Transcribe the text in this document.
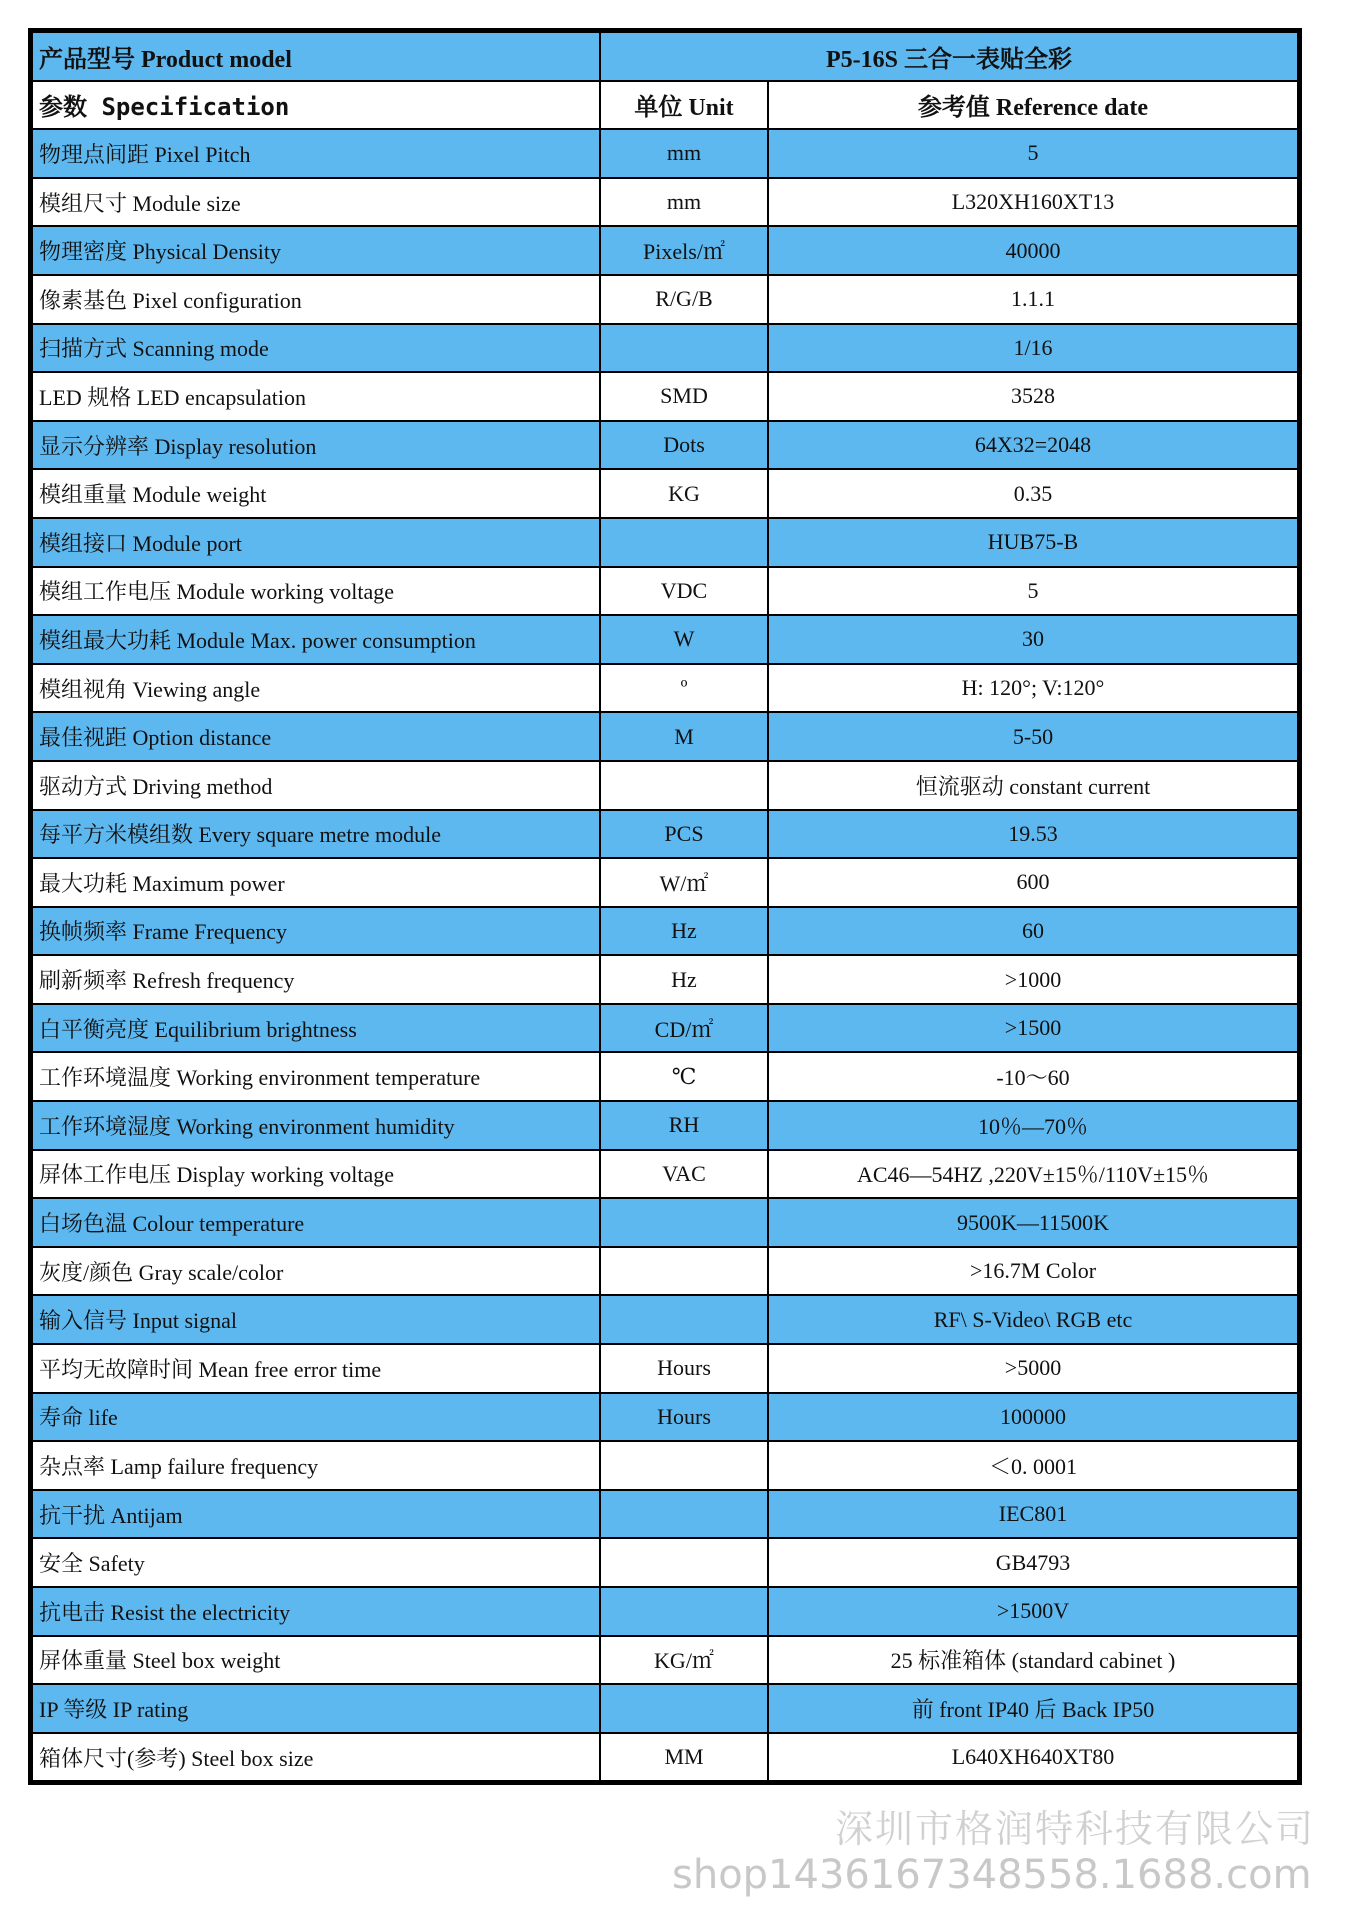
产品型号 Product model	P5-16S 三合一表贴全彩	
参数 Specification	单位 Unit	参考值 Reference date
物理点间距 Pixel Pitch	mm	5
模组尺寸 Module size	mm	L320XH160XT13
物理密度 Physical Density	Pixels/㎡	40000
像素基色 Pixel configuration	R/G/B	1.1.1
扫描方式 Scanning mode		1/16
LED 规格 LED encapsulation	SMD	3528
显示分辨率 Display resolution	Dots	64X32=2048
模组重量 Module weight	KG	0.35
模组接口 Module port		HUB75-B
模组工作电压 Module working voltage	VDC	5
模组最大功耗 Module Max. power consumption	W	30
模组视角 Viewing angle	º	H: 120°; V:120°
最佳视距 Option distance	M	5-50
驱动方式 Driving method		恒流驱动 constant current
每平方米模组数 Every square metre module	PCS	19.53
最大功耗 Maximum power	W/㎡	600
换帧频率 Frame Frequency	Hz	60
刷新频率 Refresh frequency	Hz	>1000
白平衡亮度 Equilibrium brightness	CD/㎡	>1500
工作环境温度 Working environment temperature	℃	-10～60
工作环境湿度 Working environment humidity	RH	10％—70％
屏体工作电压 Display working voltage	VAC	AC46—54HZ ,220V±15％/110V±15％
白场色温 Colour temperature		9500K—11500K
灰度/颜色 Gray scale/color		>16.7M Color
输入信号 Input signal		RF\ S-Video\ RGB etc
平均无故障时间 Mean free error time	Hours	>5000
寿命 life	Hours	100000
杂点率 Lamp failure frequency		＜0. 0001
抗干扰 Antijam		IEC801
安全 Safety		GB4793
抗电击 Resist the electricity		>1500V
屏体重量 Steel box weight	KG/㎡	25 标准箱体 (standard cabinet )
IP 等级 IP rating		前 front IP40 后 Back IP50
箱体尺寸(参考) Steel box size	MM	L640XH640XT80
深圳市格润特科技有限公司
shop1436167348558.1688.com
